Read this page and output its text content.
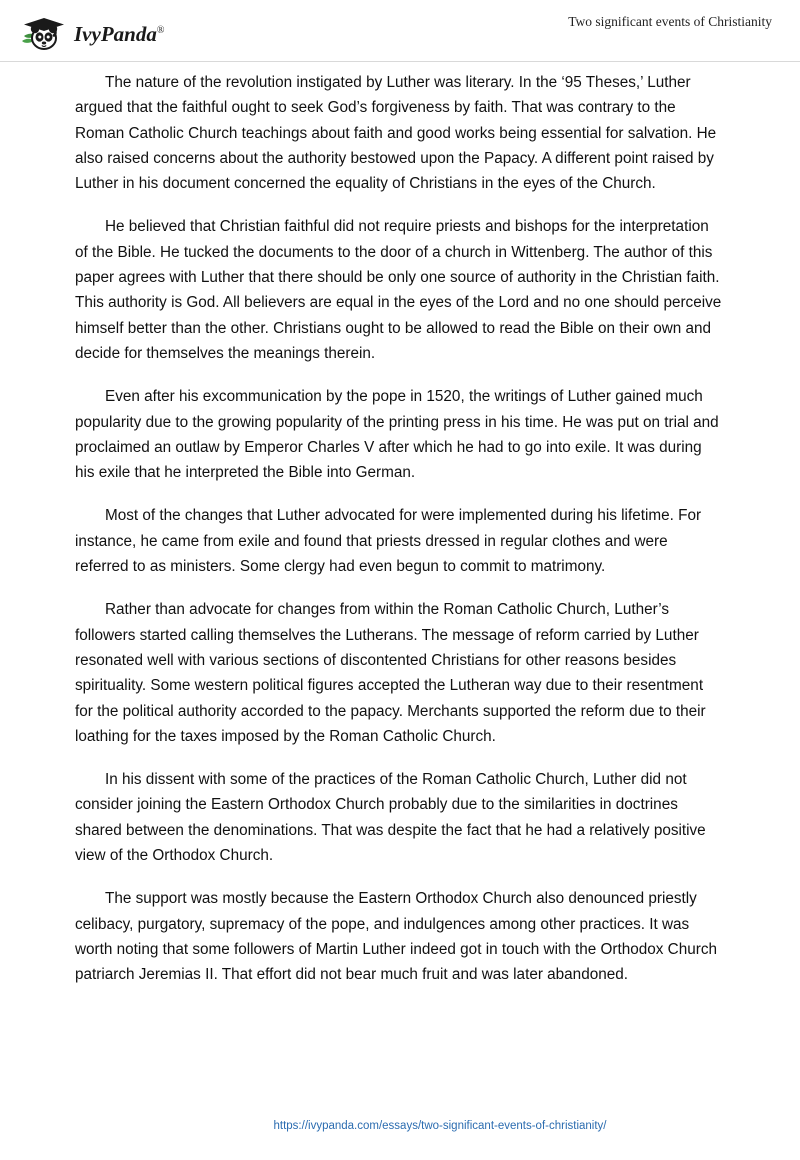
IvyPanda®
Two significant events of Christianity

The nature of the revolution instigated by Luther was literary. In the ‘95 Theses,’ Luther argued that the faithful ought to seek God’s forgiveness by faith. That was contrary to the Roman Catholic Church teachings about faith and good works being essential for salvation. He also raised concerns about the authority bestowed upon the Papacy. A different point raised by Luther in his document concerned the equality of Christians in the eyes of the Church.

He believed that Christian faithful did not require priests and bishops for the interpretation of the Bible. He tucked the documents to the door of a church in Wittenberg. The author of this paper agrees with Luther that there should be only one source of authority in the Christian faith. This authority is God. All believers are equal in the eyes of the Lord and no one should perceive himself better than the other. Christians ought to be allowed to read the Bible on their own and decide for themselves the meanings therein.

Even after his excommunication by the pope in 1520, the writings of Luther gained much popularity due to the growing popularity of the printing press in his time. He was put on trial and proclaimed an outlaw by Emperor Charles V after which he had to go into exile. It was during his exile that he interpreted the Bible into German.

Most of the changes that Luther advocated for were implemented during his lifetime. For instance, he came from exile and found that priests dressed in regular clothes and were referred to as ministers. Some clergy had even begun to commit to matrimony.

Rather than advocate for changes from within the Roman Catholic Church, Luther’s followers started calling themselves the Lutherans. The message of reform carried by Luther resonated well with various sections of discontented Christians for other reasons besides spirituality. Some western political figures accepted the Lutheran way due to their resentment for the political authority accorded to the papacy. Merchants supported the reform due to their loathing for the taxes imposed by the Roman Catholic Church.

In his dissent with some of the practices of the Roman Catholic Church, Luther did not consider joining the Eastern Orthodox Church probably due to the similarities in doctrines shared between the denominations. That was despite the fact that he had a relatively positive view of the Orthodox Church.

The support was mostly because the Eastern Orthodox Church also denounced priestly celibacy, purgatory, supremacy of the pope, and indulgences among other practices. It was worth noting that some followers of Martin Luther indeed got in touch with the Orthodox Church patriarch Jeremias II. That effort did not bear much fruit and was later abandoned.

https://ivypanda.com/essays/two-significant-events-of-christianity/
